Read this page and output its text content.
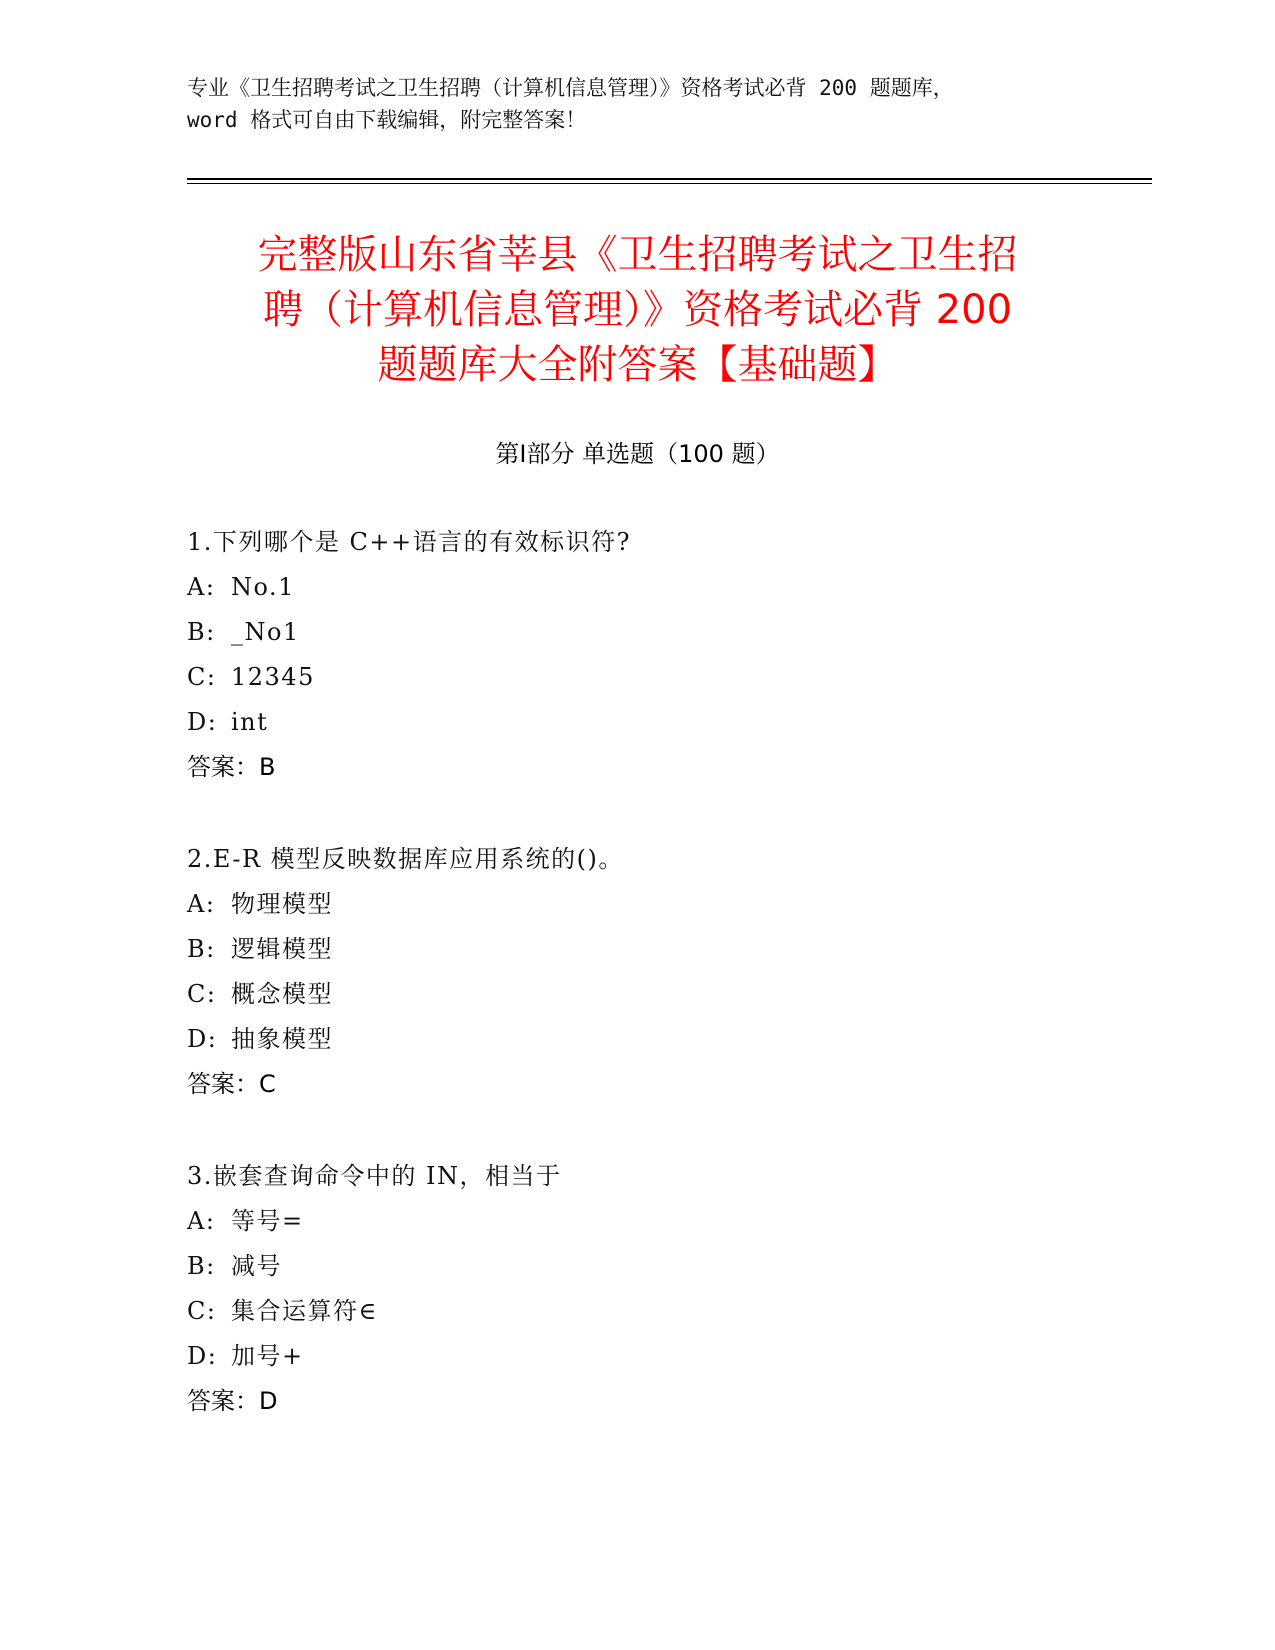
专业《卫生招聘考试之卫生招聘（计算机信息管理）》资格考试必背 200 题题库，
word 格式可自由下载编辑，附完整答案！
完整版山东省莘县《卫生招聘考试之卫生招
聘（计算机信息管理）》资格考试必背 200
题题库大全附答案【基础题】
第Ⅰ部分 单选题（100 题）
1.下列哪个是 C++语言的有效标识符?
A: No.1
B: _No1
C: 12345
D: int
答案：B
2.E-R 模型反映数据库应用系统的()。
A: 物理模型
B: 逻辑模型
C: 概念模型
D: 抽象模型
答案：C
3.嵌套查询命令中的 IN，相当于
A: 等号=
B: 减号
C: 集合运算符∈
D: 加号+
答案：D
